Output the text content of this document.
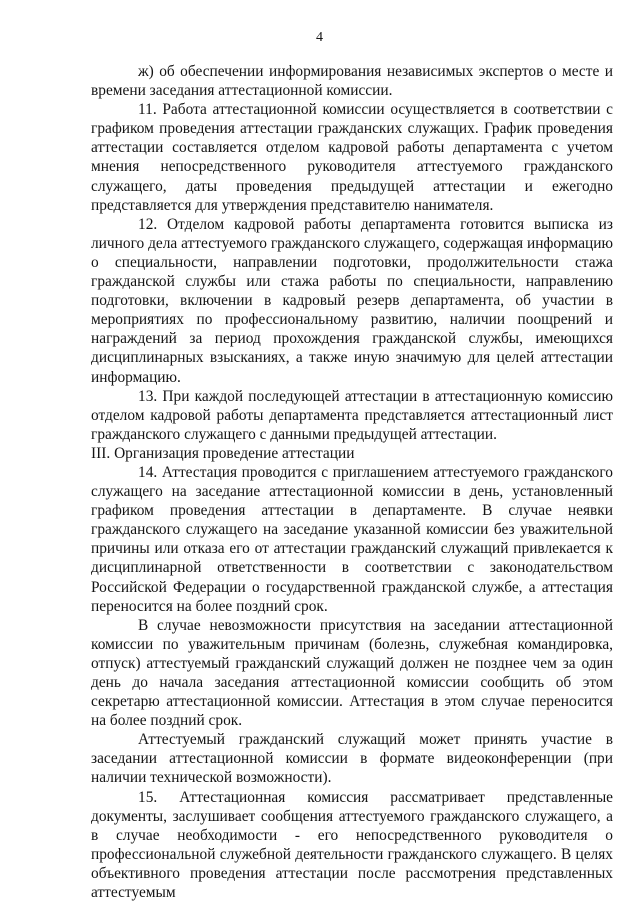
4

ж) об обеспечении информирования независимых экспертов о месте и времени заседания аттестационной комиссии.

11. Работа аттестационной комиссии осуществляется в соответствии с графиком проведения аттестации гражданских служащих. График проведения аттестации составляется отделом кадровой работы департамента с учетом мнения непосредственного руководителя аттестуемого гражданского служащего, даты проведения предыдущей аттестации и ежегодно представляется для утверждения представителю нанимателя.

12. Отделом кадровой работы департамента готовится выписка из личного дела аттестуемого гражданского служащего, содержащая информацию о специальности, направлении подготовки, продолжительности стажа гражданской службы или стажа работы по специальности, направлению подготовки, включении в кадровый резерв департамента, об участии в мероприятиях по профессиональному развитию, наличии поощрений и награждений за период прохождения гражданской службы, имеющихся дисциплинарных взысканиях, а также иную значимую для целей аттестации информацию.

13. При каждой последующей аттестации в аттестационную комиссию отделом кадровой работы департамента представляется аттестационный лист гражданского служащего с данными предыдущей аттестации.

III. Организация проведение аттестации

14. Аттестация проводится с приглашением аттестуемого гражданского служащего на заседание аттестационной комиссии в день, установленный графиком проведения аттестации в департаменте. В случае неявки гражданского служащего на заседание указанной комиссии без уважительной причины или отказа его от аттестации гражданский служащий привлекается к дисциплинарной ответственности в соответствии с законодательством Российской Федерации о государственной гражданской службе, а аттестация переносится на более поздний срок.

В случае невозможности присутствия на заседании аттестационной комиссии по уважительным причинам (болезнь, служебная командировка, отпуск) аттестуемый гражданский служащий должен не позднее чем за один день до начала заседания аттестационной комиссии сообщить об этом секретарю аттестационной комиссии. Аттестация в этом случае переносится на более поздний срок.

Аттестуемый гражданский служащий может принять участие в заседании аттестационной комиссии в формате видеоконференции (при наличии технической возможности).

15. Аттестационная комиссия рассматривает представленные документы, заслушивает сообщения аттестуемого гражданского служащего, а в случае необходимости - его непосредственного руководителя о профессиональной служебной деятельности гражданского служащего. В целях объективного проведения аттестации после рассмотрения представленных аттестуемым
